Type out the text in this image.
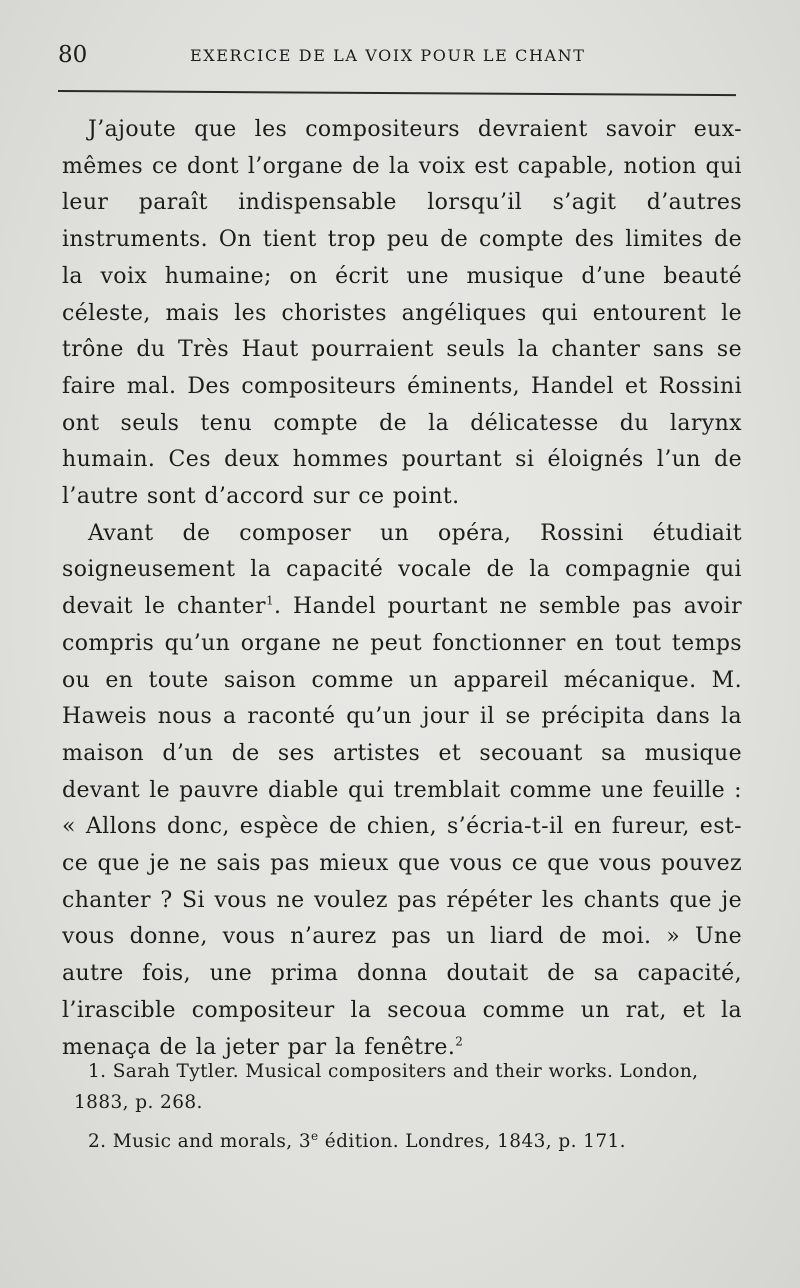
80	EXERCICE DE LA VOIX POUR LE CHANT

J’ajoute que les compositeurs devraient savoir eux-mêmes ce dont l’organe de la voix est capable, notion qui leur paraît indispensable lorsqu’il s’agit d’autres instruments. On tient trop peu de compte des limites de la voix humaine; on écrit une musique d’une beauté céleste, mais les choristes angéliques qui entourent le trône du Très Haut pourraient seuls la chanter sans se faire mal. Des compositeurs éminents, Handel et Rossini ont seuls tenu compte de la délicatesse du larynx humain. Ces deux hommes pourtant si éloignés l’un de l’autre sont d’accord sur ce point.

Avant de composer un opéra, Rossini étudiait soigneusement la capacité vocale de la compagnie qui devait le chanter$^1$. Handel pourtant ne semble pas avoir compris qu’un organe ne peut fonctionner en tout temps ou en toute saison comme un appareil mécanique. M. Haweis nous a raconté qu’un jour il se précipita dans la maison d’un de ses artistes et secouant sa musique devant le pauvre diable qui tremblait comme une feuille : « Allons donc, espèce de chien, s’écria-t-il en fureur, est-ce que je ne sais pas mieux que vous ce que vous pouvez chanter ? Si vous ne voulez pas répéter les chants que je vous donne, vous n’aurez pas un liard de moi. » Une autre fois, une prima donna doutait de sa capacité, l’irascible compositeur la secoua comme un rat, et la menaça de la jeter par la fenêtre.$^2$

1. Sarah Tytler. Musical compositers and their works. London, 1883, p. 268.

2. Music and morals, 3e édition. Londres, 1843, p. 171.
